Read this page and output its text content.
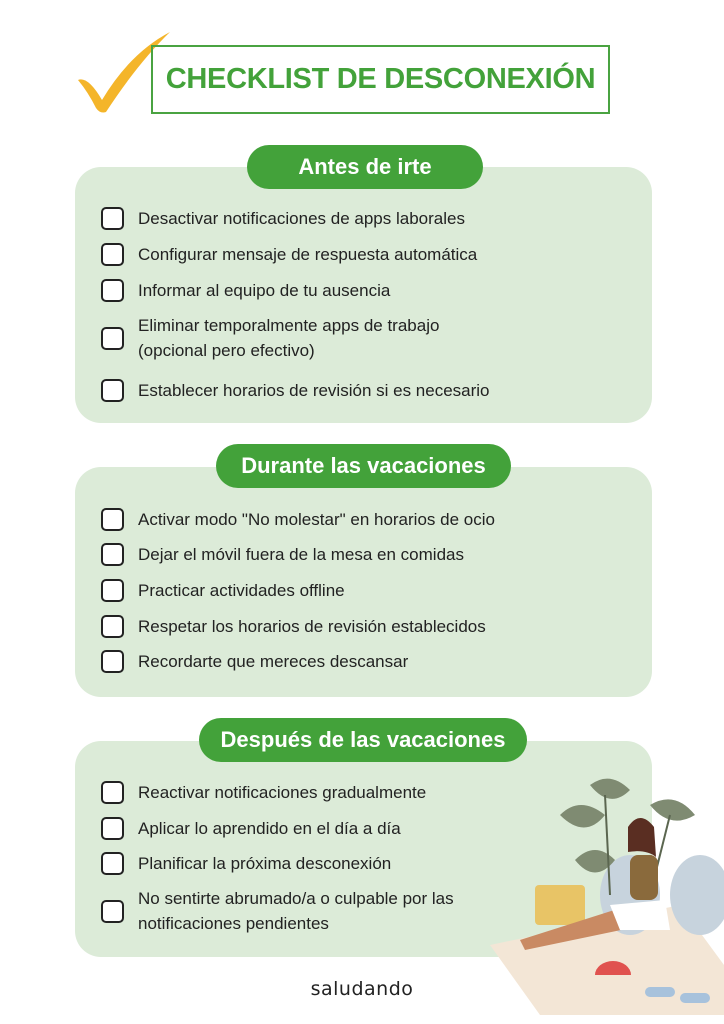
CHECKLIST DE DESCONEXIÓN
Antes de irte
Desactivar notificaciones de apps laborales
Configurar mensaje de respuesta automática
Informar al equipo de tu ausencia
Eliminar temporalmente apps de trabajo (opcional pero efectivo)
Establecer horarios de revisión si es necesario
Durante las vacaciones
Activar modo "No molestar" en horarios de ocio
Dejar el móvil fuera de la mesa en comidas
Practicar actividades offline
Respetar los horarios de revisión establecidos
Recordarte que mereces descansar
Después de las vacaciones
Reactivar notificaciones gradualmente
Aplicar lo aprendido en el día a día
Planificar la próxima desconexión
No sentirte abrumado/a o culpable por las notificaciones pendientes
saludando
